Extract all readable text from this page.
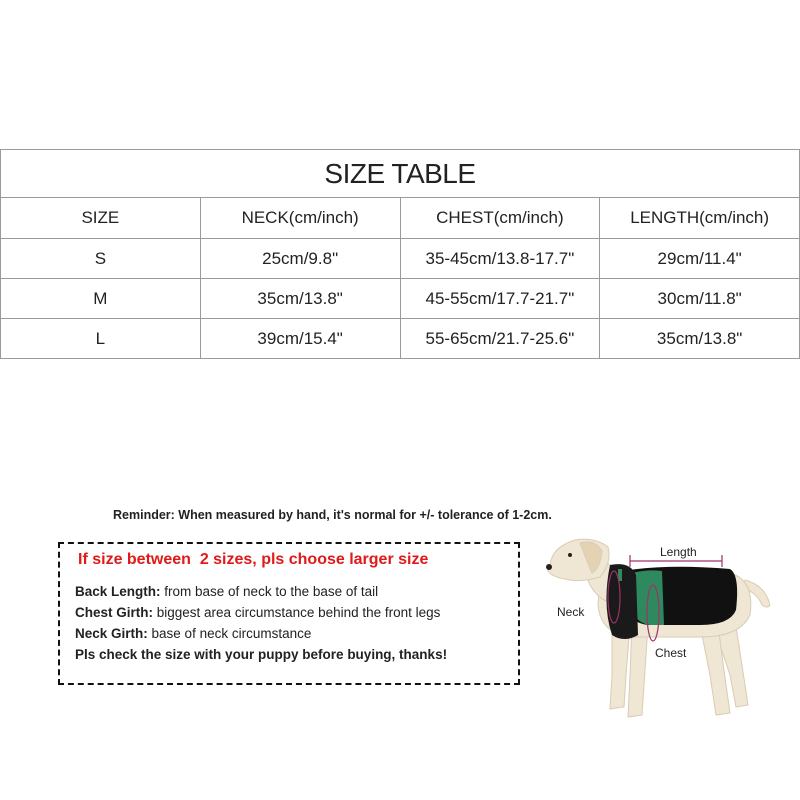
SIZE TABLE			
SIZE	NECK(cm/inch)	CHEST(cm/inch)	LENGTH(cm/inch)
S	25cm/9.8"	35-45cm/13.8-17.7"	29cm/11.4"
M	35cm/13.8"	45-55cm/17.7-21.7"	30cm/11.8"
L	39cm/15.4"	55-65cm/21.7-25.6"	35cm/13.8"
Reminder: When measured by hand, it's normal for +/- tolerance of 1-2cm.
If size between  2 sizes, pls choose larger size
Back Length: from base of neck to the base of tail
Chest Girth: biggest area circumstance behind the front legs
Neck Girth: base of neck circumstance
Pls check the size with your puppy before buying, thanks!
Length
Neck
Chest
